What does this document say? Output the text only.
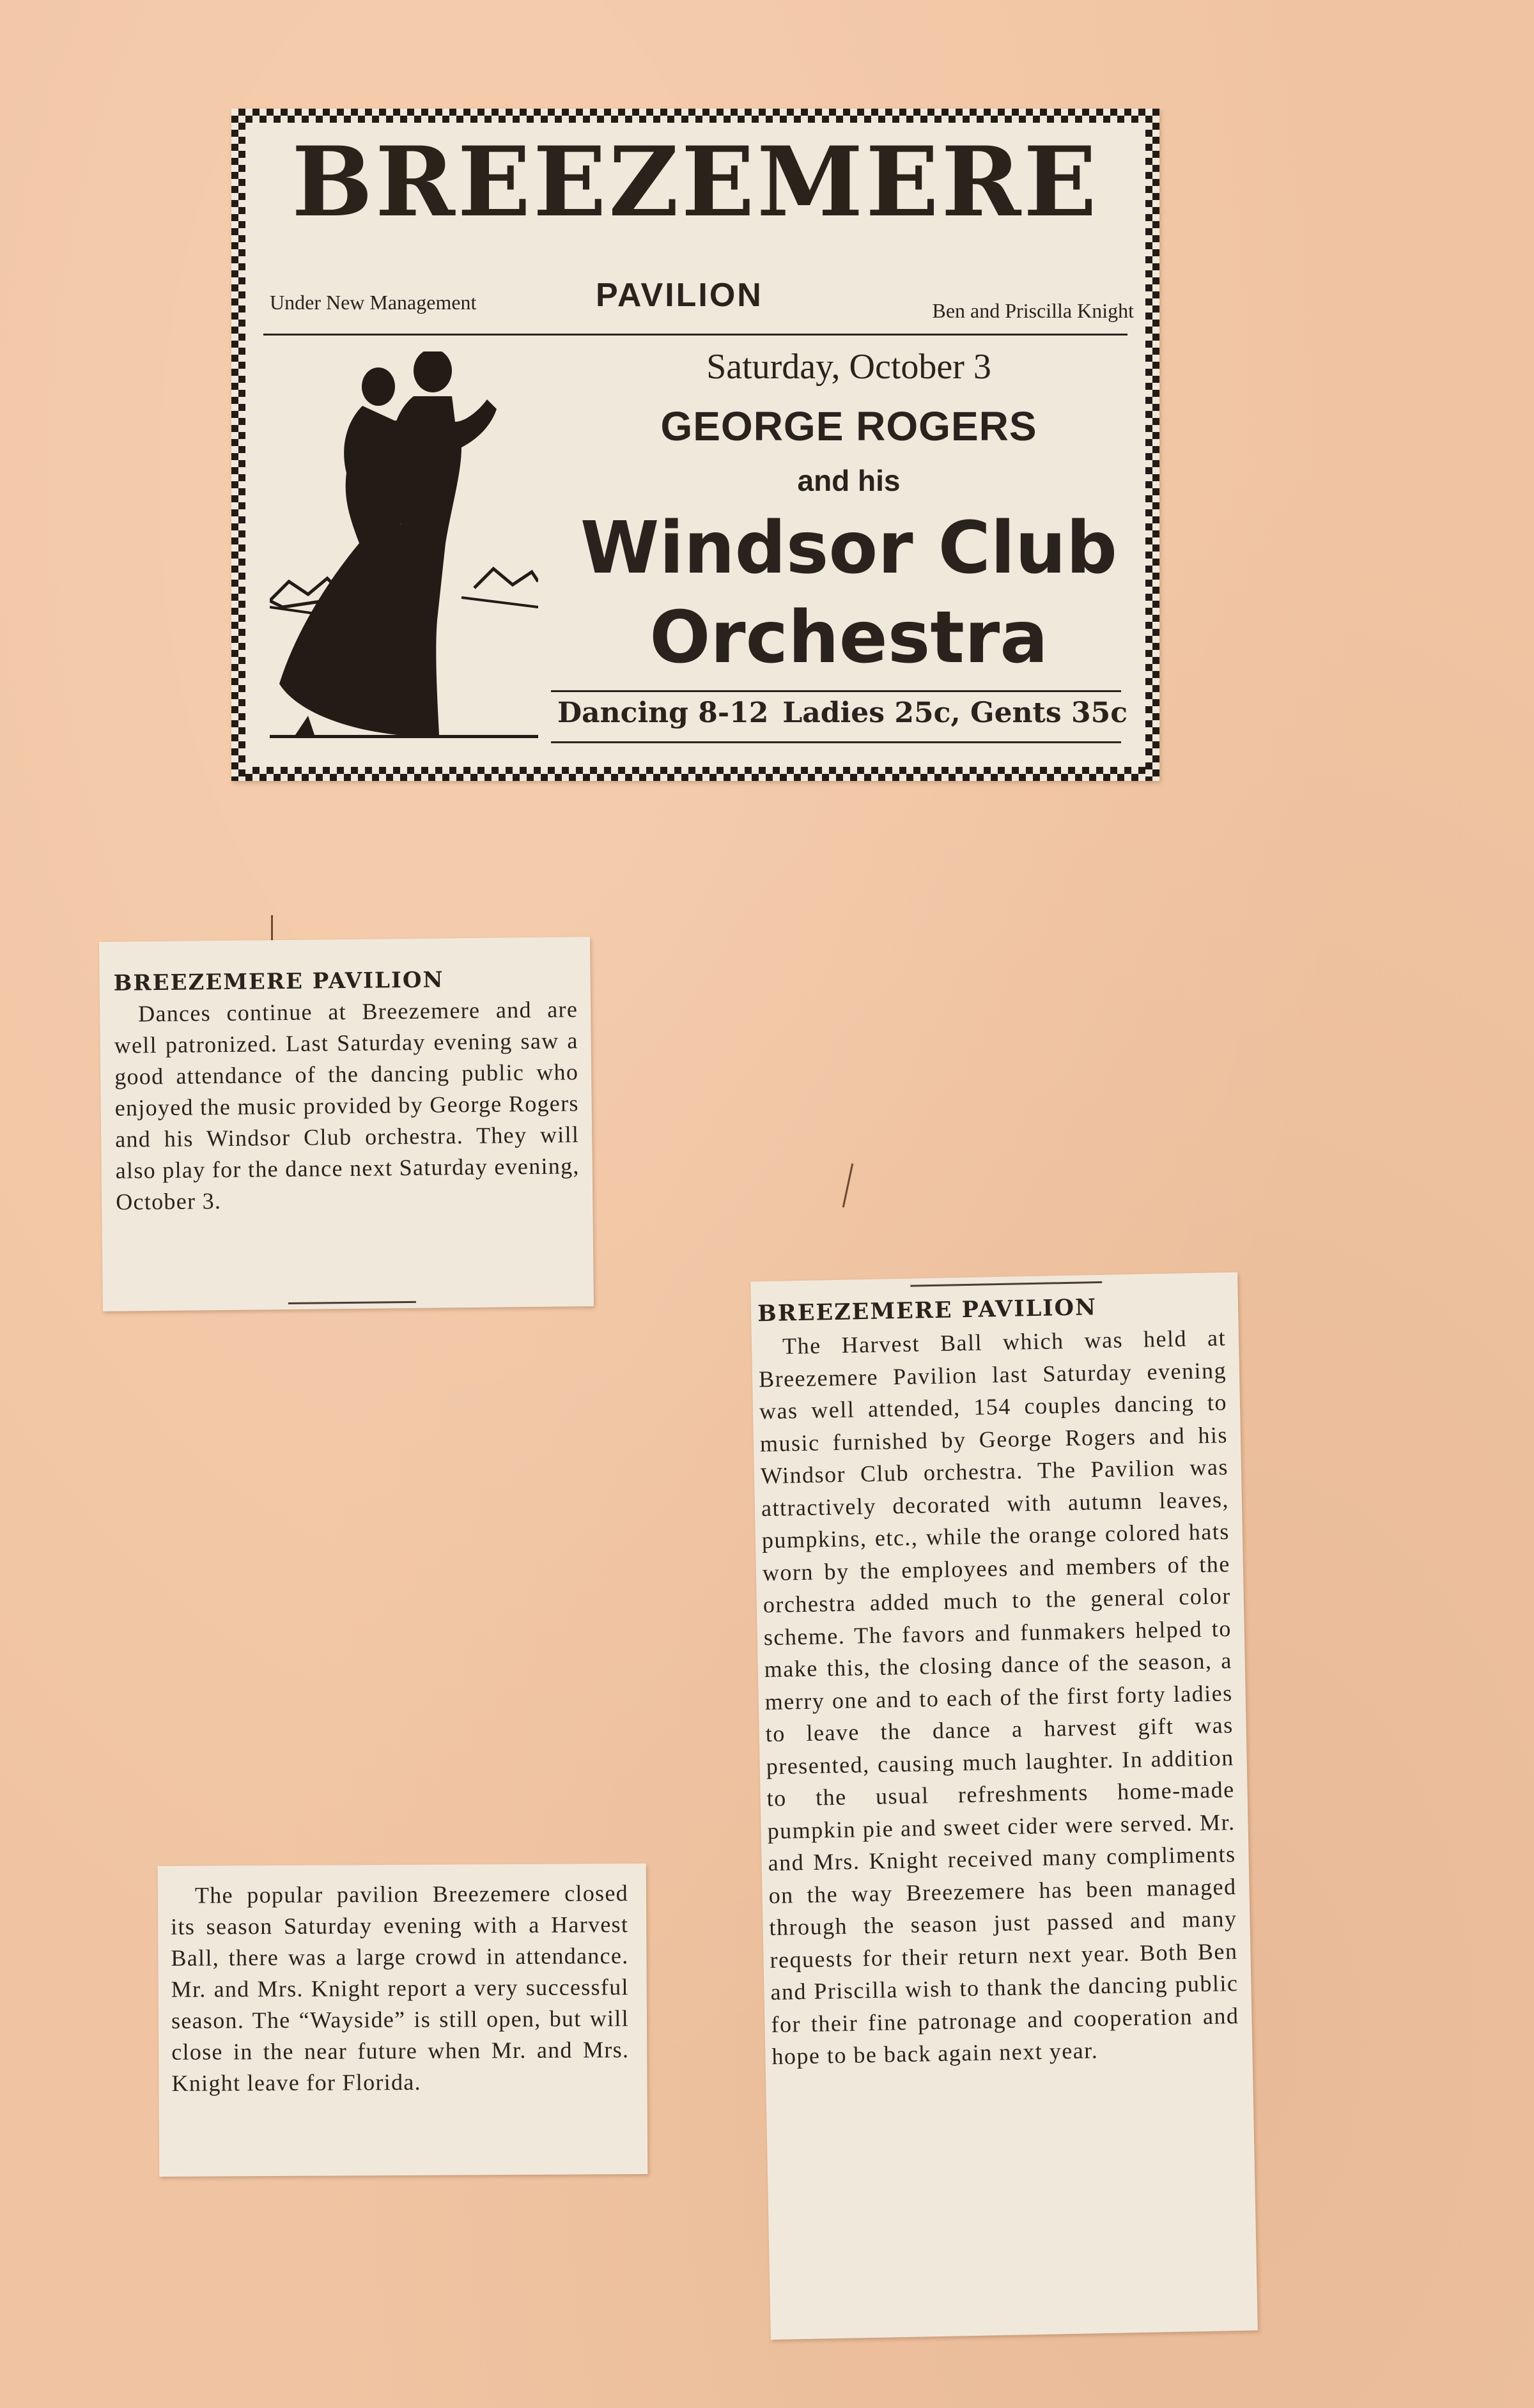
BREEZEMERE
Under New Management	PAVILION	Ben and Priscilla Knight
Saturday, October 3
GEORGE ROGERS
and his
Windsor Club
Orchestra
Dancing 8-12 Ladies 25c, Gents 35c
BREEZEMERE PAVILION

Dances continue at Breezemere and are well patronized. Last Saturday evening saw a good attendance of the dancing public who enjoyed the music provided by George Rogers and his Windsor Club orchestra. They will also play for the dance next Saturday evening, October 3.

The popular pavilion Breezemere closed its season Saturday evening with a Harvest Ball, there was a large crowd in attendance. Mr. and Mrs. Knight report a very successful season. The “Wayside” is still open, but will close in the near future when Mr. and Mrs. Knight leave for Florida.

BREEZEMERE PAVILION

The Harvest Ball which was held at Breezemere Pavilion last Saturday evening was well attended, 154 couples dancing to music furnished by George Rogers and his Windsor Club orchestra. The Pavilion was attractively decorated with autumn leaves, pumpkins, etc., while the orange colored hats worn by the employees and members of the orchestra added much to the general color scheme. The favors and funmakers helped to make this, the closing dance of the season, a merry one and to each of the first forty ladies to leave the dance a harvest gift was presented, causing much laughter. In addition to the usual refreshments home-made pumpkin pie and sweet cider were served. Mr. and Mrs. Knight received many compliments on the way Breezemere has been managed through the season just passed and many requests for their return next year. Both Ben and Priscilla wish to thank the dancing public for their fine patronage and cooperation and hope to be back again next year.
